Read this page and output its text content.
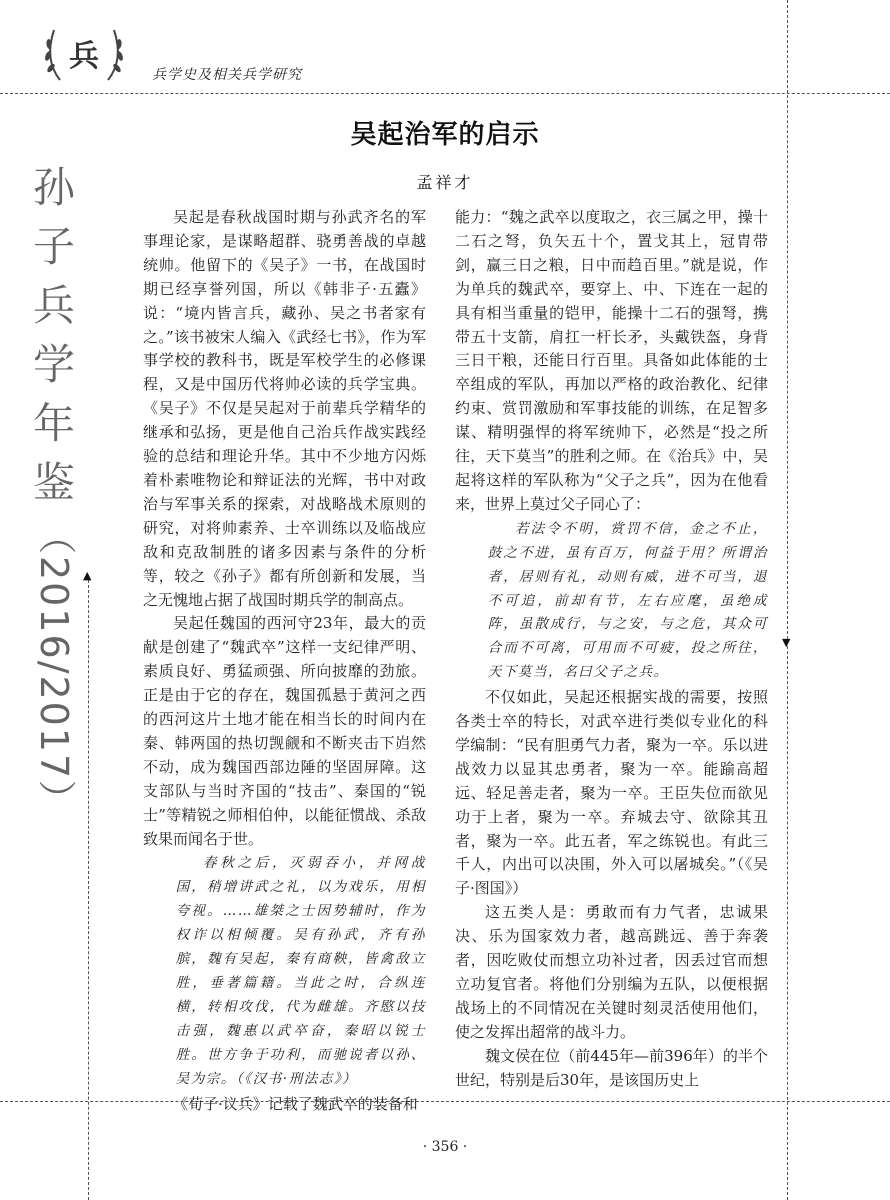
兵
兵学史及相关兵学研究
孙
子
兵
学
年
鉴
（2016/2017） ▲
▼
吴起治军的启示
孟祥才

吴起是春秋战国时期与孙武齐名的军事理论家，是谋略超群、骁勇善战的卓越统帅。他留下的《吴子》一书，在战国时期已经享誉列国，所以《韩非子·五蠹》说：“境内皆言兵，藏孙、吴之书者家有之。”该书被宋人编入《武经七书》，作为军事学校的教科书，既是军校学生的必修课程，又是中国历代将帅必读的兵学宝典。《吴子》不仅是吴起对于前辈兵学精华的继承和弘扬，更是他自己治兵作战实践经验的总结和理论升华。其中不少地方闪烁着朴素唯物论和辩证法的光辉，书中对政治与军事关系的探索，对战略战术原则的研究，对将帅素养、士卒训练以及临战应敌和克敌制胜的诸多因素与条件的分析等，较之《孙子》都有所创新和发展，当之无愧地占据了战国时期兵学的制高点。

吴起任魏国的西河守23年，最大的贡献是创建了“魏武卒”这样一支纪律严明、素质良好、勇猛顽强、所向披靡的劲旅。正是由于它的存在，魏国孤悬于黄河之西的西河这片土地才能在相当长的时间内在秦、韩两国的热切觊觎和不断夹击下岿然不动，成为魏国西部边陲的坚固屏障。这支部队与当时齐国的“技击”、秦国的“锐士”等精锐之师相伯仲，以能征惯战、杀敌致果而闻名于世。

春秋之后，灭弱吞小，并网战国，稍增讲武之礼，以为戏乐，用相夸视。……雄桀之士因势辅时，作为权诈以相倾覆。吴有孙武，齐有孙膑，魏有吴起，秦有商鞅，皆禽敌立胜，垂著篇籍。当此之时，合纵连横，转相攻伐，代为雌雄。齐愍以技击强，魏惠以武卒奋，秦昭以锐士胜。世方争于功利，而驰说者以孙、吴为宗。（《汉书·刑法志》）

《荀子·议兵》记载了魏武卒的装备和

能力：“魏之武卒以度取之，衣三属之甲，操十二石之弩，负矢五十个，置戈其上，冠胄带剑，赢三日之粮，日中而趋百里。”就是说，作为单兵的魏武卒，要穿上、中、下连在一起的具有相当重量的铠甲，能操十二石的强弩，携带五十支箭，肩扛一杆长矛，头戴铁盔，身背三日干粮，还能日行百里。具备如此体能的士卒组成的军队，再加以严格的政治教化、纪律约束、赏罚激励和军事技能的训练，在足智多谋、精明强悍的将军统帅下，必然是“投之所往，天下莫当”的胜利之师。在《治兵》中，吴起将这样的军队称为“父子之兵”，因为在他看来，世界上莫过父子同心了：

若法令不明，赏罚不信，金之不止，鼓之不进，虽有百万，何益于用？所谓治者，居则有礼，动则有威，进不可当，退不可追，前却有节，左右应麾，虽绝成阵，虽散成行，与之安，与之危，其众可合而不可离，可用而不可疲，投之所往，天下莫当，名曰父子之兵。

不仅如此，吴起还根据实战的需要，按照各类士卒的特长，对武卒进行类似专业化的科学编制：“民有胆勇气力者，聚为一卒。乐以进战效力以显其忠勇者，聚为一卒。能踰高超远、轻足善走者，聚为一卒。王臣失位而欲见功于上者，聚为一卒。弃城去守、欲除其丑者，聚为一卒。此五者，军之练锐也。有此三千人，内出可以决围，外入可以屠城矣。”（《吴子·图国》）

这五类人是：勇敢而有力气者，忠诚果决、乐为国家效力者，越高跳远、善于奔袭者，因吃败仗而想立功补过者，因丢过官而想立功复官者。将他们分别编为五队，以便根据战场上的不同情况在关键时刻灵活使用他们，使之发挥出超常的战斗力。

魏文侯在位（前445年—前396年）的半个世纪，特别是后30年，是该国历史上

· 356 ·
